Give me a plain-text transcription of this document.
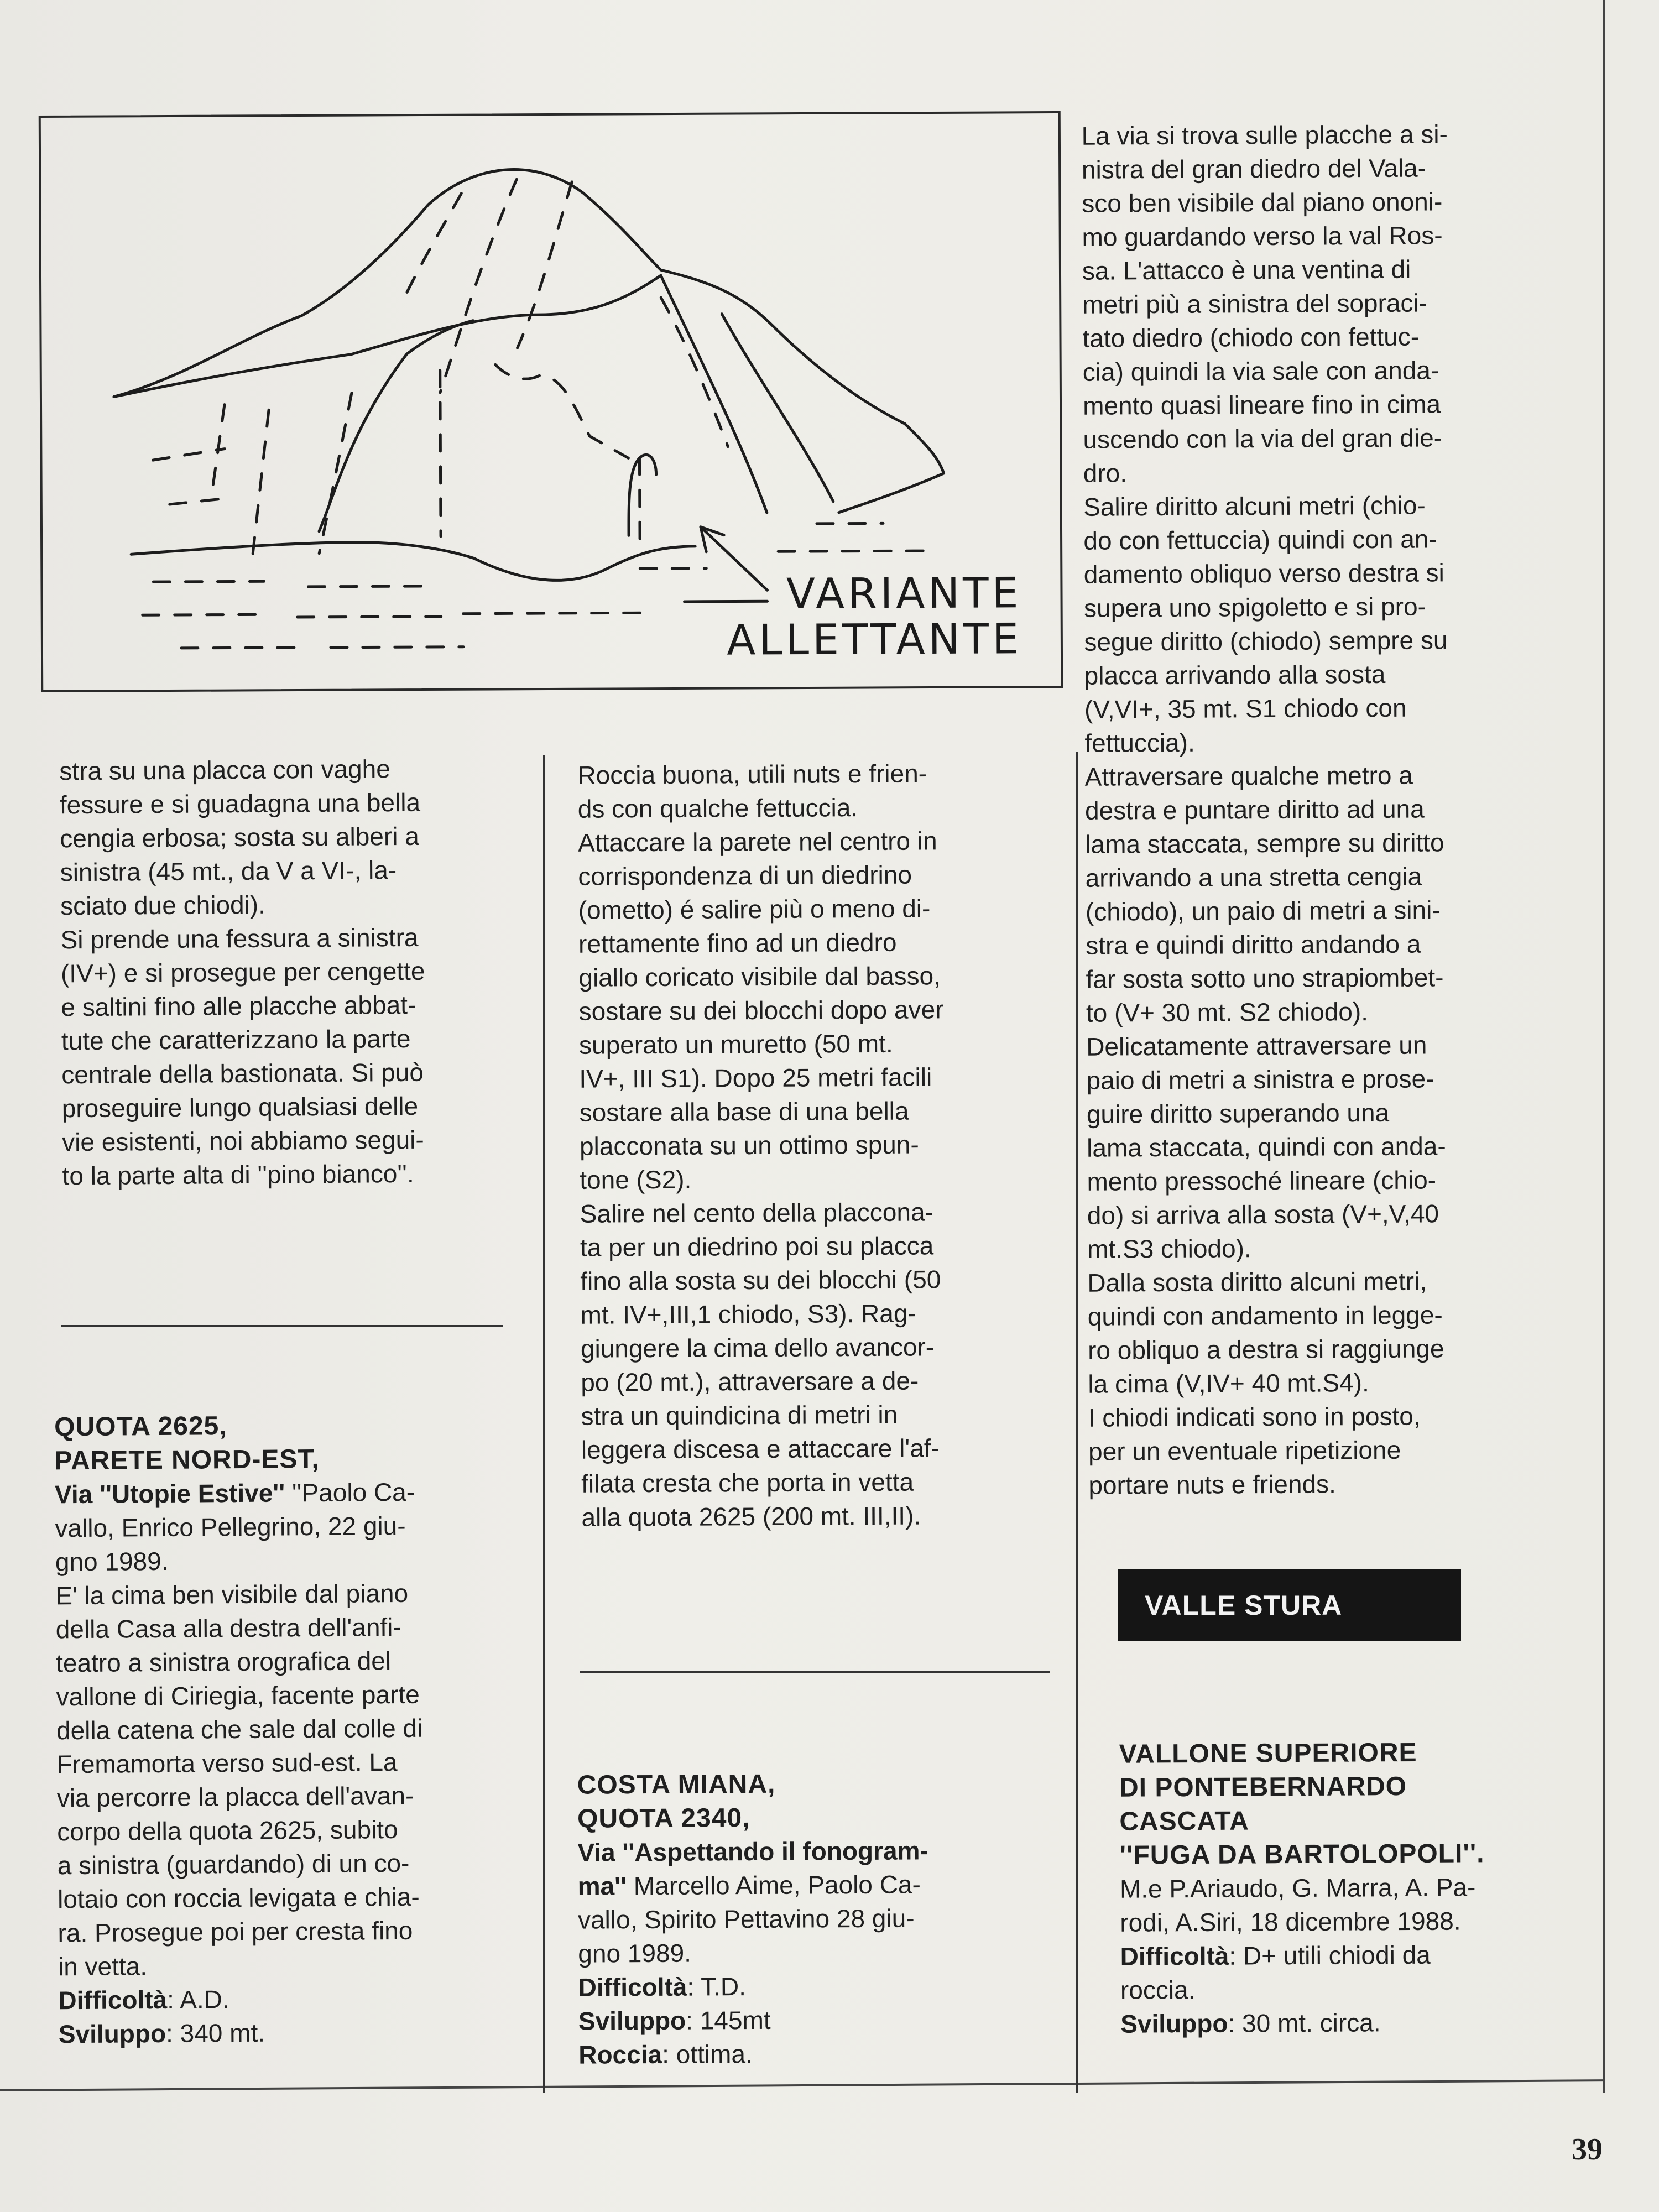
VARIANTE
ALLETTANTE

La via si trova sulle placche a si-

nistra del gran diedro del Vala-

sco ben visibile dal piano ononi-

mo guardando verso la val Ros-

sa. L'attacco è una ventina di

metri più a sinistra del sopraci-

tato diedro (chiodo con fettuc-

cia) quindi la via sale con anda-

mento quasi lineare fino in cima

uscendo con la via del gran die-

dro.

Salire diritto alcuni metri (chio-

do con fettuccia) quindi con an-

damento obliquo verso destra si

supera uno spigoletto e si pro-

segue diritto (chiodo) sempre su

placca arrivando alla sosta

(V,VI+, 35 mt. S1 chiodo con

fettuccia).

Attraversare qualche metro a

destra e puntare diritto ad una

lama staccata, sempre su diritto

arrivando a una stretta cengia

(chiodo), un paio di metri a sini-

stra e quindi diritto andando a

far sosta sotto uno strapiombet-

to (V+ 30 mt. S2 chiodo).

Delicatamente attraversare un

paio di metri a sinistra e prose-

guire diritto superando una

lama staccata, quindi con anda-

mento pressoché lineare (chio-

do) si arriva alla sosta (V+,V,40

mt.S3 chiodo).

Dalla sosta diritto alcuni metri,

quindi con andamento in legge-

ro obliquo a destra si raggiunge

la cima (V,IV+ 40 mt.S4).

I chiodi indicati sono in posto,

per un eventuale ripetizione

portare nuts e friends.

stra su una placca con vaghe

fessure e si guadagna una bella

cengia erbosa; sosta su alberi a

sinistra (45 mt., da V a VI-, la-

sciato due chiodi).

Si prende una fessura a sinistra

(IV+) e si prosegue per cengette

e saltini fino alle placche abbat-

tute che caratterizzano la parte

centrale della bastionata. Si può

proseguire lungo qualsiasi delle

vie esistenti, noi abbiamo segui-

to la parte alta di ''pino bianco''.

QUOTA 2625,
PARETE NORD-EST,

Via ''Utopie Estive'' ''Paolo Ca-

vallo, Enrico Pellegrino, 22 giu-

gno 1989.

E' la cima ben visibile dal piano

della Casa alla destra dell'anfi-

teatro a sinistra orografica del

vallone di Ciriegia, facente parte

della catena che sale dal colle di

Fremamorta verso sud-est. La

via percorre la placca dell'avan-

corpo della quota 2625, subito

a sinistra (guardando) di un co-

lotaio con roccia levigata e chia-

ra. Prosegue poi per cresta fino

in vetta.

Difficoltà: A.D.

Sviluppo: 340 mt.

Roccia buona, utili nuts e frien-

ds con qualche fettuccia.

Attaccare la parete nel centro in

corrispondenza di un diedrino

(ometto) é salire più o meno di-

rettamente fino ad un diedro

giallo coricato visibile dal basso,

sostare su dei blocchi dopo aver

superato un muretto (50 mt.

IV+, III S1). Dopo 25 metri facili

sostare alla base di una bella

placconata su un ottimo spun-

tone (S2).

Salire nel cento della placcona-

ta per un diedrino poi su placca

fino alla sosta su dei blocchi (50

mt. IV+,III,1 chiodo, S3). Rag-

giungere la cima dello avancor-

po (20 mt.), attraversare a de-

stra un quindicina di metri in

leggera discesa e attaccare l'af-

filata cresta che porta in vetta

alla quota 2625 (200 mt. III,II).

COSTA MIANA,
QUOTA 2340,

Via ''Aspettando il fonogram-

ma'' Marcello Aime, Paolo Ca-

vallo, Spirito Pettavino 28 giu-

gno 1989.

Difficoltà: T.D.

Sviluppo: 145mt

Roccia: ottima.

VALLE STURA
VALLONE SUPERIORE
DI PONTEBERNARDO
CASCATA
''FUGA DA BARTOLOPOLI''.

M.e P.Ariaudo, G. Marra, A. Pa-

rodi, A.Siri, 18 dicembre 1988.

Difficoltà: D+ utili chiodi da

roccia.

Sviluppo: 30 mt. circa.

39
